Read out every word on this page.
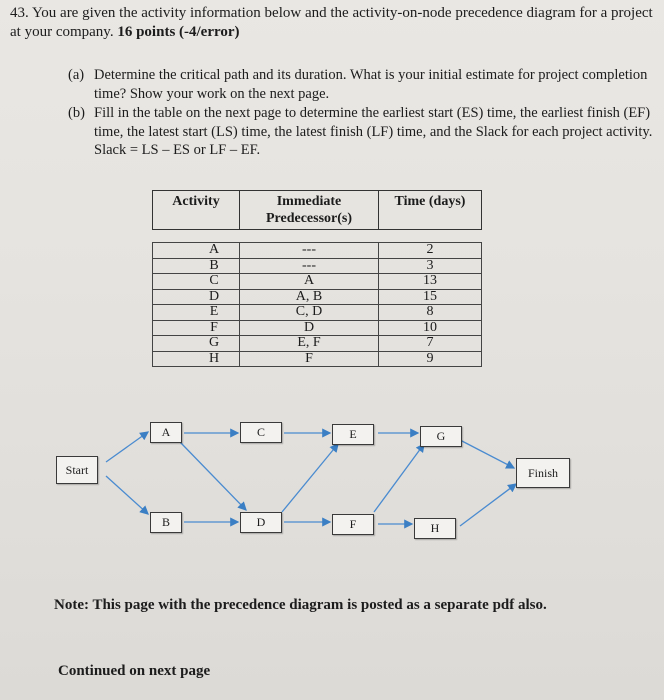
43. You are given the activity information below and the activity-on-node precedence diagram for a project at your company. 16 points (-4/error)
(a) Determine the critical path and its duration. What is your initial estimate for project completion time? Show your work on the next page.
(b) Fill in the table on the next page to determine the earliest start (ES) time, the earliest finish (EF) time, the latest start (LS) time, the latest finish (LF) time, and the Slack for each project activity. Slack = LS – ES or LF – EF.
Activity	Immediate Predecessor(s)	Time (days)

A	---	2
B	---	3
C	A	13
D	A, B	15
E	C, D	8
F	D	10
G	E, F	7
H	F	9
Start
A
B
C
D
E
F
G
H
Finish
Note: This page with the precedence diagram is posted as a separate pdf also.
Continued on next page
